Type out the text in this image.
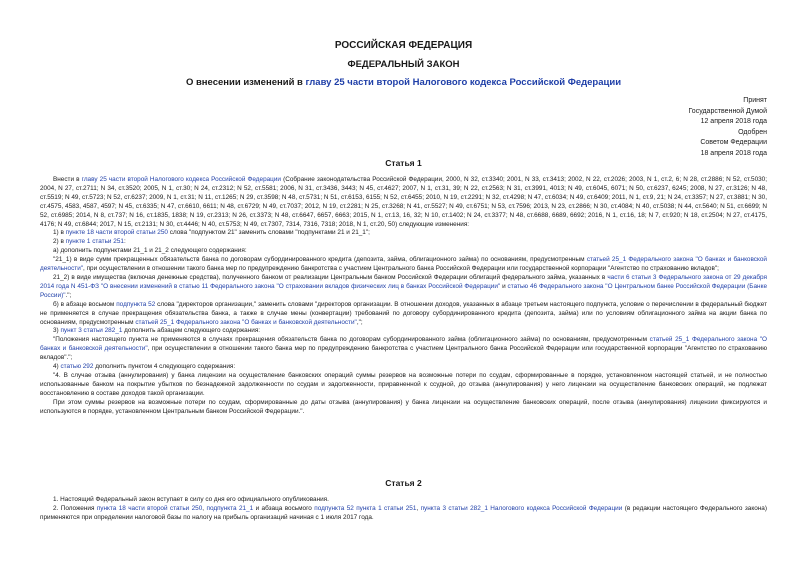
РОССИЙСКАЯ ФЕДЕРАЦИЯ
ФЕДЕРАЛЬНЫЙ ЗАКОН
О внесении изменений в главу 25 части второй Налогового кодекса Российской Федерации
Принят
Государственной Думой
12 апреля 2018 года
Одобрен
Советом Федерации
18 апреля 2018 года
Статья 1

Внести в главу 25 части второй Налогового кодекса Российской Федерации (Собрание законодательства Российской Федерации, 2000, N 32, ст.3340; 2001, N 33, ст.3413; 2002, N 22, ст.2026; 2003, N 1, ст.2, 6; N 28, ст.2886; N 52, ст.5030; 2004, N 27, ст.2711; N 34, ст.3520; 2005, N 1, ст.30; N 24, ст.2312; N 52, ст.5581; 2006, N 31, ст.3436, 3443; N 45, ст.4627; 2007, N 1, ст.31, 39; N 22, ст.2563; N 31, ст.3991, 4013; N 49, ст.6045, 6071; N 50, ст.6237, 6245; 2008, N 27, ст.3126; N 48, ст.5519; N 49, ст.5723; N 52, ст.6237; 2009, N 1, ст.31; N 11, ст.1265; N 29, ст.3598; N 48, ст.5731; N 51, ст.6153, 6155; N 52, ст.6455; 2010, N 19, ст.2291; N 32, ст.4298; N 47, ст.6034; N 49, ст.6409; 2011, N 1, ст.9, 21; N 24, ст.3357; N 27, ст.3881; N 30, ст.4575, 4583, 4587, 4597; N 45, ст.6335; N 47, ст.6610, 6611; N 48, ст.6729; N 49, ст.7037; 2012, N 19, ст.2281; N 25, ст.3268; N 41, ст.5527; N 49, ст.6751; N 53, ст.7596; 2013, N 23, ст.2866; N 30, ст.4084; N 40, ст.5038; N 44, ст.5640; N 51, ст.6699; N 52, ст.6985; 2014, N 8, ст.737; N 16, ст.1835, 1838; N 19, ст.2313; N 26, ст.3373; N 48, ст.6647, 6657, 6663; 2015, N 1, ст.13, 16, 32; N 10, ст.1402; N 24, ст.3377; N 48, ст.6688, 6689, 6692; 2016, N 1, ст.16, 18; N 7, ст.920; N 18, ст.2504; N 27, ст.4175, 4176; N 49, ст.6844; 2017, N 15, ст.2131; N 30, ст.4446; N 40, ст.5753; N 49, ст.7307, 7314, 7316, 7318; 2018, N 1, ст.20, 50) следующие изменения:

1) в пункте 18 части второй статьи 250 слова "подпунктом 21" заменить словами "подпунктами 21 и 21_1";

2) в пункте 1 статьи 251:

а) дополнить подпунктами 21_1 и 21_2 следующего содержания:

"21_1) в виде сумм прекращенных обязательств банка по договорам субординированного кредита (депозита, займа, облигационного займа) по основаниям, предусмотренным статьей 25_1 Федерального закона "О банках и банковской деятельности", при осуществлении в отношении такого банка мер по предупреждению банкротства с участием Центрального банка Российской Федерации или государственной корпорации "Агентство по страхованию вкладов";

21_2) в виде имущества (включая денежные средства), полученного банком от реализации Центральным банком Российской Федерации облигаций федерального займа, указанных в части 6 статьи 3 Федерального закона от 29 декабря 2014 года N 451-ФЗ "О внесении изменений в статью 11 Федерального закона "О страховании вкладов физических лиц в банках Российской Федерации" и статью 46 Федерального закона "О Центральном банке Российской Федерации (Банке России)".";

б) в абзаце восьмом подпункта 52 слова "директоров организации," заменить словами "директоров организации. В отношении доходов, указанных в абзаце третьем настоящего подпункта, условие о перечислении в федеральный бюджет не применяется в случае прекращения обязательства банка, а также в случае мены (конвертации) требований по договору субординированного кредита (депозита, займа) или по условиям облигационного займа на акции банка по основаниям, предусмотренным статьей 25_1 Федерального закона "О банках и банковской деятельности",";

3) пункт 3 статьи 282_1 дополнить абзацем следующего содержания:

"Положения настоящего пункта не применяются в случаях прекращения обязательств банка по договорам субординированного займа (облигационного займа) по основаниям, предусмотренным статьей 25_1 Федерального закона "О банках и банковской деятельности", при осуществлении в отношении такого банка мер по предупреждению банкротства с участием Центрального банка Российской Федерации или государственной корпорации "Агентство по страхованию вкладов".";

4) статью 292 дополнить пунктом 4 следующего содержания:

"4. В случае отзыва (аннулирования) у банка лицензии на осуществление банковских операций суммы резервов на возможные потери по ссудам, сформированные в порядке, установленном настоящей статьей, и не полностью использованные банком на покрытие убытков по безнадежной задолженности по ссудам и задолженности, приравненной к ссудной, до отзыва (аннулирования) у него лицензии на осуществление банковских операций, не подлежат восстановлению в составе доходов такой организации.

При этом суммы резервов на возможные потери по ссудам, сформированные до даты отзыва (аннулирования) у банка лицензии на осуществление банковских операций, после отзыва (аннулирования) лицензии фиксируются и используются в порядке, установленном Центральным банком Российской Федерации.".

Статья 2

1. Настоящий Федеральный закон вступает в силу со дня его официального опубликования.

2. Положения пункта 18 части второй статьи 250, подпункта 21_1 и абзаца восьмого подпункта 52 пункта 1 статьи 251, пункта 3 статьи 282_1 Налогового кодекса Российской Федерации (в редакции настоящего Федерального закона) применяются при определении налоговой базы по налогу на прибыль организаций начиная с 1 июля 2017 года.
